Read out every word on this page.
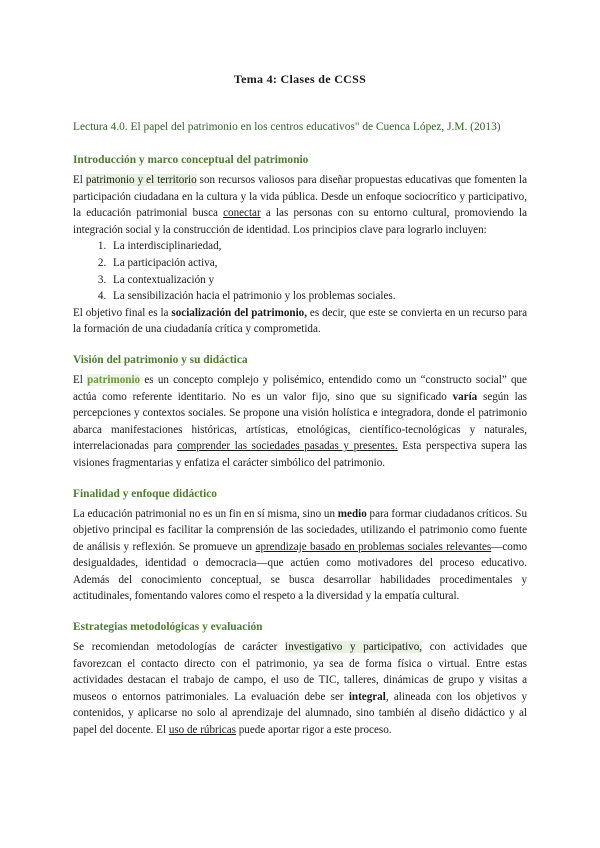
Tema 4: Clases de CCSS
Lectura 4.0. El papel del patrimonio en los centros educativos" de Cuenca López, J.M. (2013)
Introducción y marco conceptual del patrimonio

El patrimonio y el territorio son recursos valiosos para diseñar propuestas educativas que fomenten la participación ciudadana en la cultura y la vida pública. Desde un enfoque sociocrítico y participativo, la educación patrimonial busca conectar a las personas con su entorno cultural, promoviendo la integración social y la construcción de identidad. Los principios clave para lograrlo incluyen:

1. La interdisciplinariedad,
2. La participación activa,
3. La contextualización y
4. La sensibilización hacia el patrimonio y los problemas sociales.

El objetivo final es la socialización del patrimonio, es decir, que este se convierta en un recurso para la formación de una ciudadanía crítica y comprometida.

Visión del patrimonio y su didáctica

El patrimonio es un concepto complejo y polisémico, entendido como un “constructo social” que actúa como referente identitario. No es un valor fijo, sino que su significado varía según las percepciones y contextos sociales. Se propone una visión holística e integradora, donde el patrimonio abarca manifestaciones históricas, artísticas, etnológicas, científico-tecnológicas y naturales, interrelacionadas para comprender las sociedades pasadas y presentes. Esta perspectiva supera las visiones fragmentarias y enfatiza el carácter simbólico del patrimonio.

Finalidad y enfoque didáctico

La educación patrimonial no es un fin en sí misma, sino un medio para formar ciudadanos críticos. Su objetivo principal es facilitar la comprensión de las sociedades, utilizando el patrimonio como fuente de análisis y reflexión. Se promueve un aprendizaje basado en problemas sociales relevantes—como desigualdades, identidad o democracia—que actúen como motivadores del proceso educativo. Además del conocimiento conceptual, se busca desarrollar habilidades procedimentales y actitudinales, fomentando valores como el respeto a la diversidad y la empatía cultural.

Estrategias metodológicas y evaluación

Se recomiendan metodologías de carácter investigativo y participativo, con actividades que favorezcan el contacto directo con el patrimonio, ya sea de forma física o virtual. Entre estas actividades destacan el trabajo de campo, el uso de TIC, talleres, dinámicas de grupo y visitas a museos o entornos patrimoniales. La evaluación debe ser integral, alineada con los objetivos y contenidos, y aplicarse no solo al aprendizaje del alumnado, sino también al diseño didáctico y al papel del docente. El uso de rúbricas puede aportar rigor a este proceso.
